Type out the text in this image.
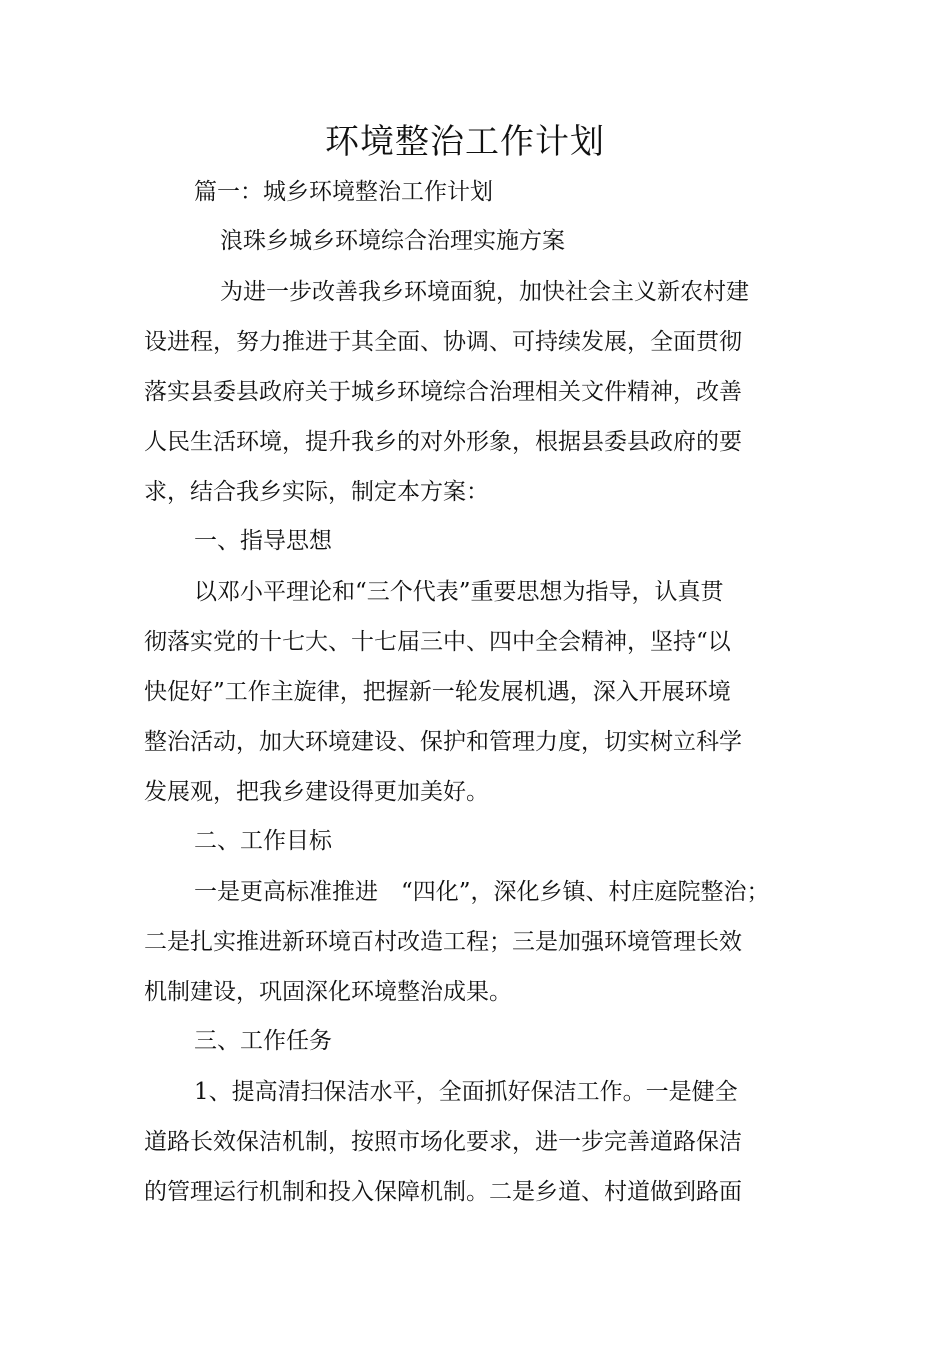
环境整治工作计划
篇一：城乡环境整治工作计划
浪珠乡城乡环境综合治理实施方案
为进一步改善我乡环境面貌，加快社会主义新农村建
设进程，努力推进于其全面、协调、可持续发展，全面贯彻
落实县委县政府关于城乡环境综合治理相关文件精神，改善
人民生活环境，提升我乡的对外形象，根据县委县政府的要
求，结合我乡实际，制定本方案：
一、指导思想
以邓小平理论和“三个代表”重要思想为指导，认真贯
彻落实党的十七大、十七届三中、四中全会精神，坚持“以
快促好”工作主旋律，把握新一轮发展机遇，深入开展环境
整治活动，加大环境建设、保护和管理力度，切实树立科学
发展观，把我乡建设得更加美好。
二、工作目标
一是更高标准推进　“四化”，深化乡镇、村庄庭院整治；
二是扎实推进新环境百村改造工程；三是加强环境管理长效
机制建设，巩固深化环境整治成果。
三、工作任务
1、提高清扫保洁水平，全面抓好保洁工作。一是健全
道路长效保洁机制，按照市场化要求，进一步完善道路保洁
的管理运行机制和投入保障机制。二是乡道、村道做到路面
